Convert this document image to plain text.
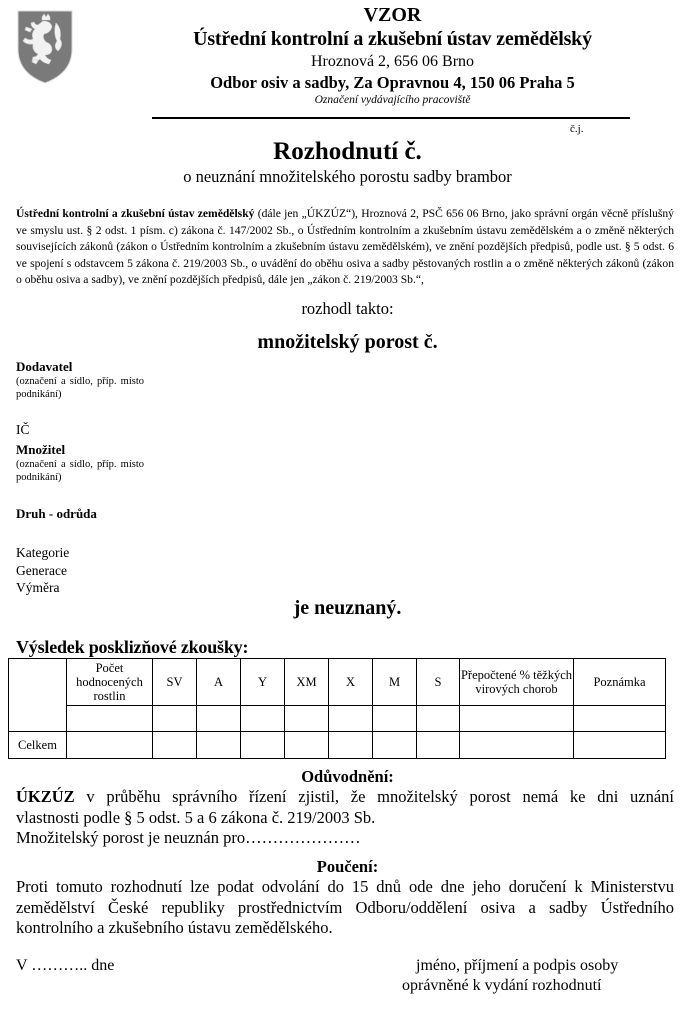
VZOR
Ústřední kontrolní a zkušební ústav zemědělský
Hroznová 2, 656 06 Brno
Odbor osiv a sadby, Za Opravnou 4, 150 06 Praha 5
Označení vydávajícího pracoviště
č.j.
Rozhodnutí č.
o neuznání množitelského porostu sadby brambor
Ústřední kontrolní a zkušební ústav zemědělský (dále jen „ÚKZÚZ“), Hroznová 2, PSČ 656 06 Brno, jako správní orgán věcně příslušný ve smyslu ust. § 2 odst. 1 písm. c) zákona č. 147/2002 Sb., o Ústředním kontrolním a zkušebním ústavu zemědělském a o změně některých souvisejících zákonů (zákon o Ústředním kontrolním a zkušebním ústavu zemědělském), ve znění pozdějších předpisů, podle ust. § 5 odst. 6 ve spojení s odstavcem 5 zákona č. 219/2003 Sb., o uvádění do oběhu osiva a sadby pěstovaných rostlin a o změně některých zákonů (zákon o oběhu osiva a sadby), ve znění pozdějších předpisů, dále jen „zákon č. 219/2003 Sb.“,
rozhodl takto:
množitelský porost č.
Dodavatel
(označení a sídlo, příp. místo podnikání)
IČ
Množitel
(označení a sídlo, příp. místo podnikání)
Druh - odrůda
Kategorie
Generace
Výměra
je neuznaný.
Výsledek posklizňové zkoušky:
	Počet hodnocených rostlin	SV	A	Y	XM	X	M	S	Přepočtené % těžkých virových chorob	Poznámka

Celkem										
Odůvodnění:
ÚKZÚZ v průběhu správního řízení zjistil, že množitelský porost nemá ke dni uznání
vlastnosti podle § 5 odst. 5 a 6 zákona č. 219/2003 Sb.
Množitelský porost je neuznán pro…………………
Poučení:
Proti tomuto rozhodnutí lze podat odvolání do 15 dnů ode dne jeho doručení k Ministerstvu zemědělství České republiky prostřednictvím Odboru/oddělení osiva a sadby Ústředního kontrolního a zkušebního ústavu zemědělského.
V ……….. dne	jméno, příjmení a podpis osoby
oprávněné k vydání rozhodnutí
